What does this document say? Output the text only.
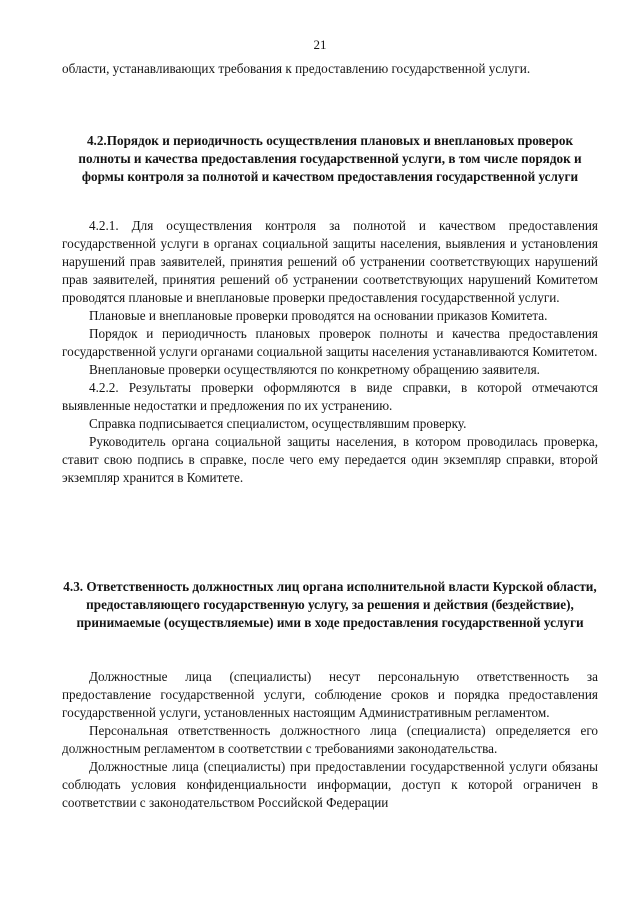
21

области, устанавливающих требования к предоставлению государственной услуги.

4.2.Порядок и периодичность осуществления плановых и внеплановых проверок полноты и качества предоставления государственной услуги, в том числе порядок и формы контроля за полнотой и качеством предоставления государственной услуги

4.2.1. Для осуществления контроля за полнотой и качеством предоставления государственной услуги в органах социальной защиты населения, выявления и установления нарушений прав заявителей, принятия решений об устранении соответствующих нарушений прав заявителей, принятия решений об устранении соответствующих нарушений Комитетом проводятся плановые и внеплановые проверки предоставления государственной услуги.

Плановые и внеплановые проверки проводятся на основании приказов Комитета.

Порядок и периодичность плановых проверок полноты и качества предоставления государственной услуги органами социальной защиты населения устанавливаются Комитетом.

Внеплановые проверки осуществляются по конкретному обращению заявителя.

4.2.2. Результаты проверки оформляются в виде справки, в которой отмечаются выявленные недостатки и предложения по их устранению.

Справка подписывается специалистом, осуществлявшим проверку.

Руководитель органа социальной защиты населения, в котором проводилась проверка, ставит свою подпись в справке, после чего ему передается один экземпляр справки, второй экземпляр хранится в Комитете.

4.3. Ответственность должностных лиц органа исполнительной власти Курской области, предоставляющего государственную услугу, за решения и действия (бездействие), принимаемые (осуществляемые) ими в ходе предоставления государственной услуги

Должностные лица (специалисты) несут персональную ответственность за предоставление государственной услуги, соблюдение сроков и порядка предоставления государственной услуги, установленных настоящим Административным регламентом.

Персональная ответственность должностного лица (специалиста) определяется его должностным регламентом в соответствии с требованиями законодательства.

Должностные лица (специалисты) при предоставлении государственной услуги обязаны соблюдать условия конфиденциальности информации, доступ к которой ограничен в соответствии с законодательством Российской Федерации
